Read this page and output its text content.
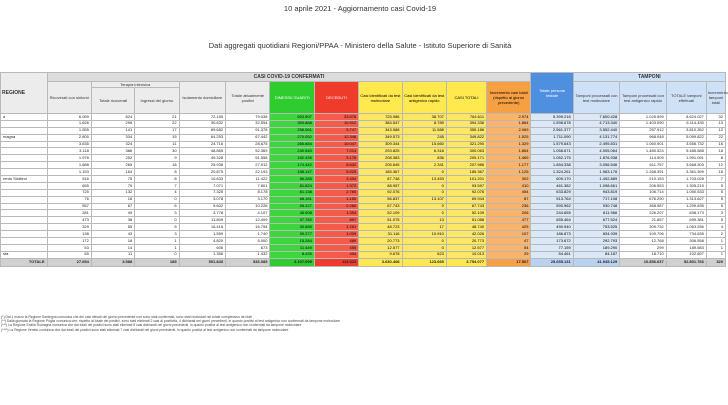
10 aprile 2021 - Aggiornamento casi Covid-19
Dati aggregati quotidiani Regioni/PPAA - Ministero della Salute - Istituto Superiore di Sanità
REGIONE	CASI COVID-19 CONFERMATI											Totale persone testate	TAMPONI			
	Ricoverati con sintomi	Terapia intensiva		Isolamento domiciliare	Totale attualmente positivi	DIMESSI/ GUARITI	DECEDUTI	Casi identificati da test molecolare	Casi identificati da test antigenico rapido	CASI TOTALI	Incremento casi totali (rispetto al giorno precedente)		Tamponi processati con test molecolare	Tamponi processati con test antigenico rapido	TOTALE tamponi effettuati	Incremento tamponi totali
		Totale ricoverati	Ingressi del giorno													
a	6.059	824	21	72.155	79.038	653.897	33.676	725.986	38.707	764.611	2.974	5.399.216	7.600.428	1.025.599	8.624.027	32
	1.626	296	22	30.632	32.554	353.888	10.912	384.547	8.789	394.336	1.864	1.598.678	4.713.340	1.403.090	6.114.430	13
	1.555	141	17	89.682	91.378	258.061	5.747	343.588	11.588	355.186	2.069	2.561.377	3.552.440	257.912	3.810.352	12
magna	2.805	334	15	64.253	67.442	270.052	12.346	349.573	245	349.822	1.525	1.711.090	4.131.774	968.048	5.099.822	22
	3.635	324	11	24.716	28.675	265.884	10.047	309.344	15.660	321.290	1.329	1.579.643	2.495.831	1.060.901	3.556.732	16
	3.118	386	30	48.865	52.369	240.540	7.014	293.825	6.318	300.063	1.864	1.058.671	4.005.064	1.480.524	5.485.588	18
	1.978	252	9	49.328	51.558	152.439	5.176	208.383	836	209.171	1.469	1.052.175	1.876.938	114.509	1.991.091	8
	1.688	265	18	25.938	27.912	174.442	5.632	205.645	2.341	207.986	1.177	1.854.338	3.056.546	611.757	3.668.303	12
	1.153	164	8	20.875	22.193	158.147	5.029	185.367	0	185.367	1.125	1.324.261	1.983.176	1.268.391	3.361.399	18
rento Südtirol	516	75	8	10.833	11.422	86.285	3.494	87.748	13.453	101.201	302	609.170	1.492.889	210.153	1.703.028	7
	655	75	7	7.071	7.801	81.824	1.972	88.957	0	93.597	410	461.382	1.098.661	206.553	1.305.215	5
	725	132	4	7.325	8.178	81.138	2.760	92.076	0	92.076	454	633.829	943.819	106.714	1.050.533	5
	76	16	0	3.078	3.170	68.181	1.150	56.837	13.107	69.944	87	513.764	717.108	676.290	1.313.627	5
	557	67	6	9.602	10.226	55.227	2.260	67.743	0	67.743	236	590.962	930.748	368.987	1.299.635	5
	281	49	3	3.778	4.107	46.908	1.394	52.109	0	52.109	206	244.655	611.966	226.207	838.173	3
	473	38	0	11.809	12.409	37.782	897	51.075	13	51.088	477	655.464	677.524	21.857	699.381	5
	329	55	5	16.416	16.794	30.685	1.261	48.723	17	48.740	425	490.940	753.525	309.732	1.063.256	4
	138	43	3	1.559	1.740	39.277	1.009	31.116	10.910	42.026	107	186.873	834.939	109.706	734.635	2
	172	18	1	4.820	5.000	15.284	489	20.773	0	20.773	47	173.672	292.793	12.768	306.558	1
	53	14	1	606	673	11.449	455	12.577	0	12.577	54	77.159	189.290	299	189.583	1
sta	65	11	0	1.356	1.432	8.435	434	9.678	623	10.013	29	54.461	84.187	18.710	102.897	1
TOTALE	27.654	3.588	185	501.843	533.085	3.107.099	113.923	3.630.408	123.669	3.754.077	17.567	25.655.131	41.945.129	10.856.637	52.801.766	320
(*) Dal 1 marzo la Regione Sardegna comunica che dei casi rilevati del giorno precedente non sono stati confermati, sono stati ricalcolati nel totale complessivo dei dati
(**) Dalla giornata la Regione Puglia comunica che, rispetto al totale dei positivi, sono stati eliminati 2 casi di positività, 4 dichiarati nei giorni precedenti, in quanto positivi al test antigenico non confermati da tampone molecolare
(***) La Regione Emilia Romagna comunica che dai totali dei positivi sono stati eliminati 5 casi dichiarati nei giorni precedenti, in quanto positivi al test antigenico non confermati da tampone molecolare
(****) La Regione Veneto comunica che dai totali dei positivi sono stati eliminati 7 casi dichiarati nei giorni precedenti, in quanto positivi al test antigenico non confermati da tampone molecolare
